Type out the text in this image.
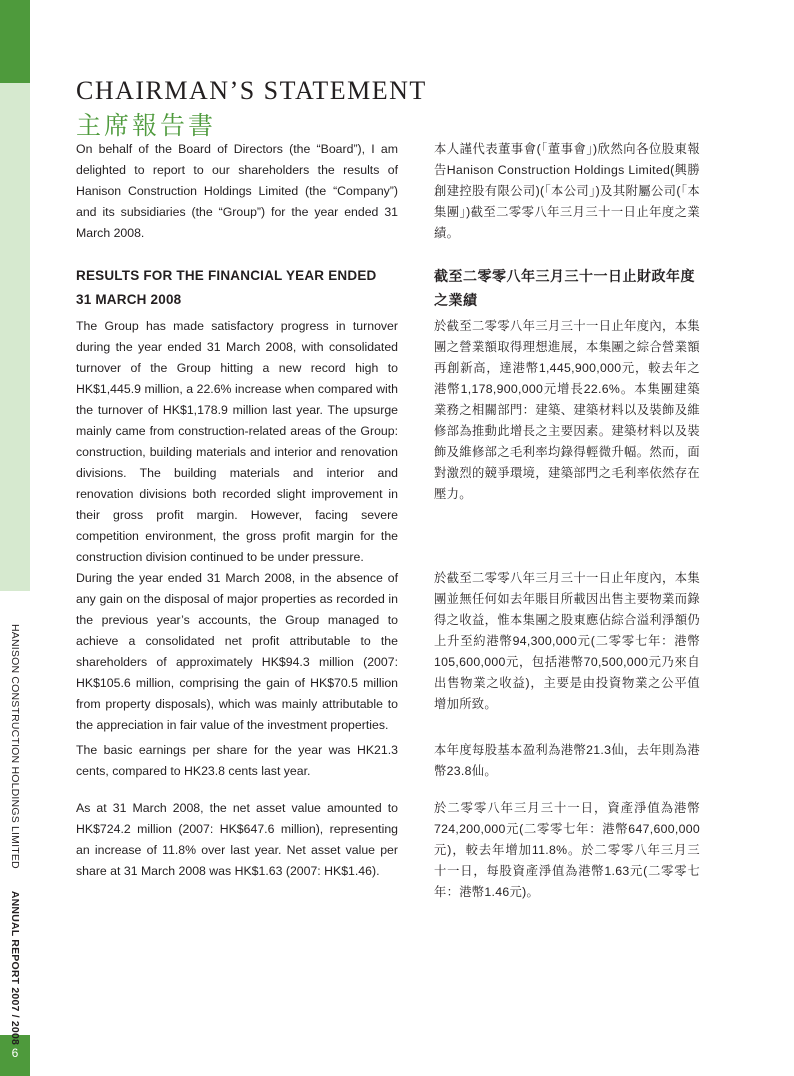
6
HANISON CONSTRUCTION HOLDINGS LIMITEDANNUAL REPORT 2007 / 2008
CHAIRMAN’S STATEMENT
主席報告書

On behalf of the Board of Directors (the “Board”), I am delighted to report to our shareholders the results of Hanison Construction Holdings Limited (the “Company”) and its subsidiaries (the “Group”) for the year ended 31 March 2008.

本人謹代表董事會(「董事會」)欣然向各位股東報告Hanison Construction Holdings Limited(興勝創建控股有限公司)(「本公司」)及其附屬公司(「本集團」)截至二零零八年三月三十一日止年度之業績。

RESULTS FOR THE FINANCIAL YEAR ENDED
31 MARCH 2008
截至二零零八年三月三十一日止財政年度
之業績

The Group has made satisfactory progress in turnover during the year ended 31 March 2008, with consolidated turnover of the Group hitting a new record high to HK$1,445.9 million, a 22.6% increase when compared with the turnover of HK$1,178.9 million last year. The upsurge mainly came from construction-related areas of the Group: construction, building materials and interior and renovation divisions. The building materials and interior and renovation divisions both recorded slight improvement in their gross profit margin. However, facing severe competition environment, the gross profit margin for the construction division continued to be under pressure.

於截至二零零八年三月三十一日止年度內，本集團之營業額取得理想進展，本集團之綜合營業額再創新高，達港幣1,445,900,000元，較去年之港幣1,178,900,000元增長22.6%。本集團建築業務之相關部門：建築、建築材料以及裝飾及維修部為推動此增長之主要因素。建築材料以及裝飾及維修部之毛利率均錄得輕微升幅。然而，面對激烈的競爭環境，建築部門之毛利率依然存在壓力。

During the year ended 31 March 2008, in the absence of any gain on the disposal of major properties as recorded in the previous year’s accounts, the Group managed to achieve a consolidated net profit attributable to the shareholders of approximately HK$94.3 million (2007: HK$105.6 million, comprising the gain of HK$70.5 million from property disposals), which was mainly attributable to the appreciation in fair value of the investment properties.

於截至二零零八年三月三十一日止年度內，本集團並無任何如去年賬目所載因出售主要物業而錄得之收益，惟本集團之股東應佔綜合溢利淨額仍上升至約港幣94,300,000元(二零零七年：港幣105,600,000元，包括港幣70,500,000元乃來自出售物業之收益)，主要是由投資物業之公平值增加所致。

The basic earnings per share for the year was HK21.3 cents, compared to HK23.8 cents last year.

本年度每股基本盈利為港幣21.3仙，去年則為港幣23.8仙。

As at 31 March 2008, the net asset value amounted to HK$724.2 million (2007: HK$647.6 million), representing an increase of 11.8% over last year. Net asset value per share at 31 March 2008 was HK$1.63 (2007: HK$1.46).

於二零零八年三月三十一日，資產淨值為港幣724,200,000元(二零零七年：港幣647,600,000元)，較去年增加11.8%。於二零零八年三月三十一日，每股資產淨值為港幣1.63元(二零零七年：港幣1.46元)。
